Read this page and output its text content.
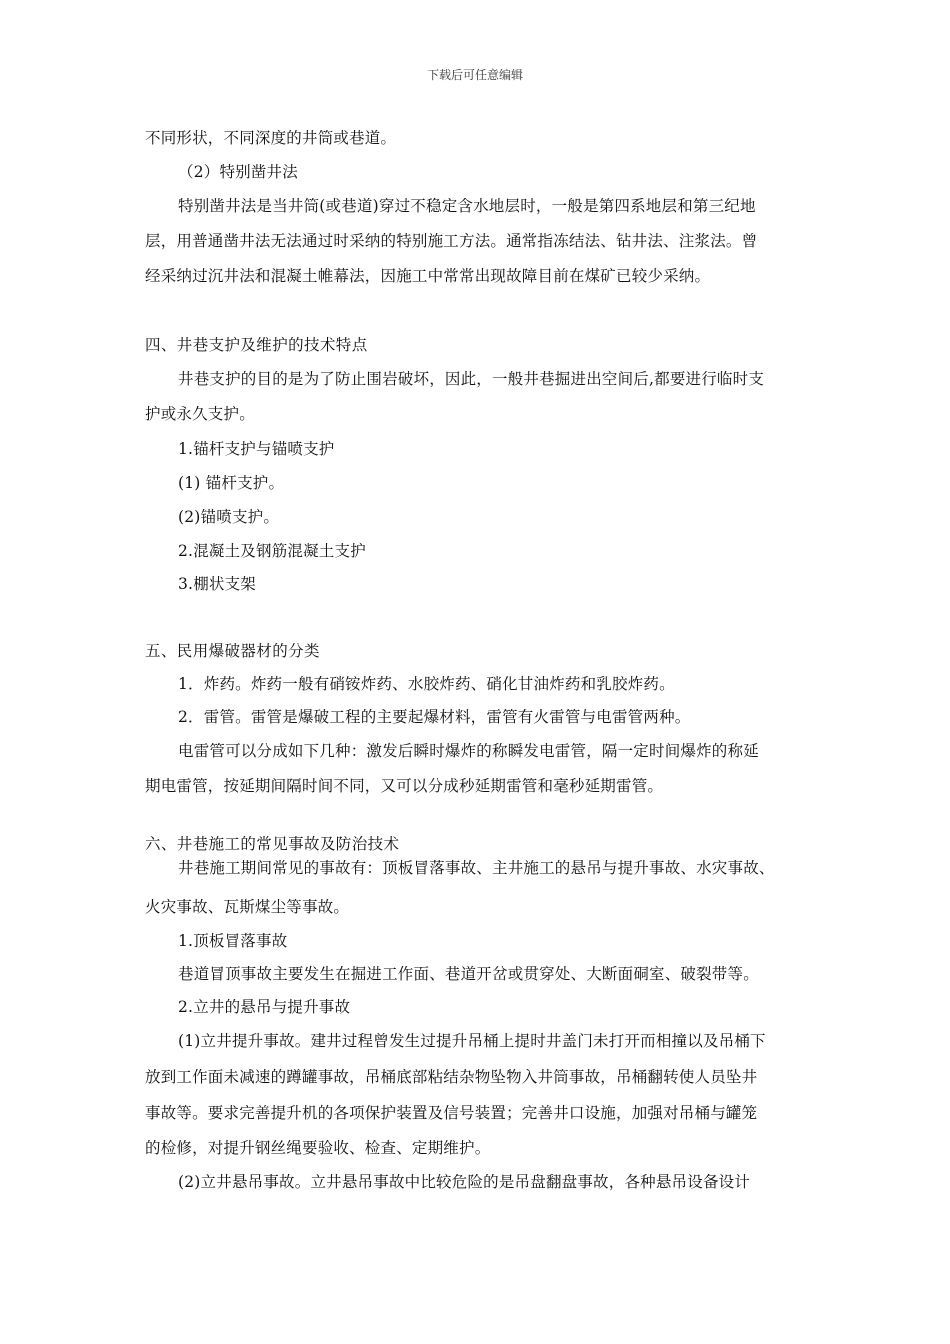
下载后可任意编辑
不同形状，不同深度的井筒或巷道。
（2）特别凿井法
特别凿井法是当井筒(或巷道)穿过不稳定含水地层时，一般是第四系地层和第三纪地
层，用普通凿井法无法通过时采纳的特别施工方法。通常指冻结法、钻井法、注浆法。曾
经采纳过沉井法和混凝土帷幕法，因施工中常常出现故障目前在煤矿已较少采纳。
四、井巷支护及维护的技术特点
井巷支护的目的是为了防止围岩破坏，因此，一般井巷掘进出空间后,都要进行临时支
护或永久支护。
1.锚杆支护与锚喷支护
(1) 锚杆支护。
(2)锚喷支护。
2.混凝土及钢筋混凝土支护
3.棚状支架
五、民用爆破器材的分类
1．炸药。炸药一般有硝铵炸药、水胶炸药、硝化甘油炸药和乳胶炸药。
2．雷管。雷管是爆破工程的主要起爆材料，雷管有火雷管与电雷管两种。
电雷管可以分成如下几种：激发后瞬时爆炸的称瞬发电雷管，隔一定时间爆炸的称延
期电雷管，按延期间隔时间不同，又可以分成秒延期雷管和毫秒延期雷管。
六、井巷施工的常见事故及防治技术
井巷施工期间常见的事故有：顶板冒落事故、主井施工的悬吊与提升事故、水灾事故、
火灾事故、瓦斯煤尘等事故。
1.顶板冒落事故
巷道冒顶事故主要发生在掘进工作面、巷道开岔或贯穿处、大断面硐室、破裂带等。
2.立井的悬吊与提升事故
(1)立井提升事故。建井过程曾发生过提升吊桶上提时井盖门未打开而相撞以及吊桶下
放到工作面未减速的蹲罐事故，吊桶底部粘结杂物坠物入井筒事故，吊桶翻转使人员坠井
事故等。要求完善提升机的各项保护装置及信号装置；完善井口设施，加强对吊桶与罐笼
的检修，对提升钢丝绳要验收、检查、定期维护。
(2)立井悬吊事故。立井悬吊事故中比较危险的是吊盘翻盘事故，各种悬吊设备设计
